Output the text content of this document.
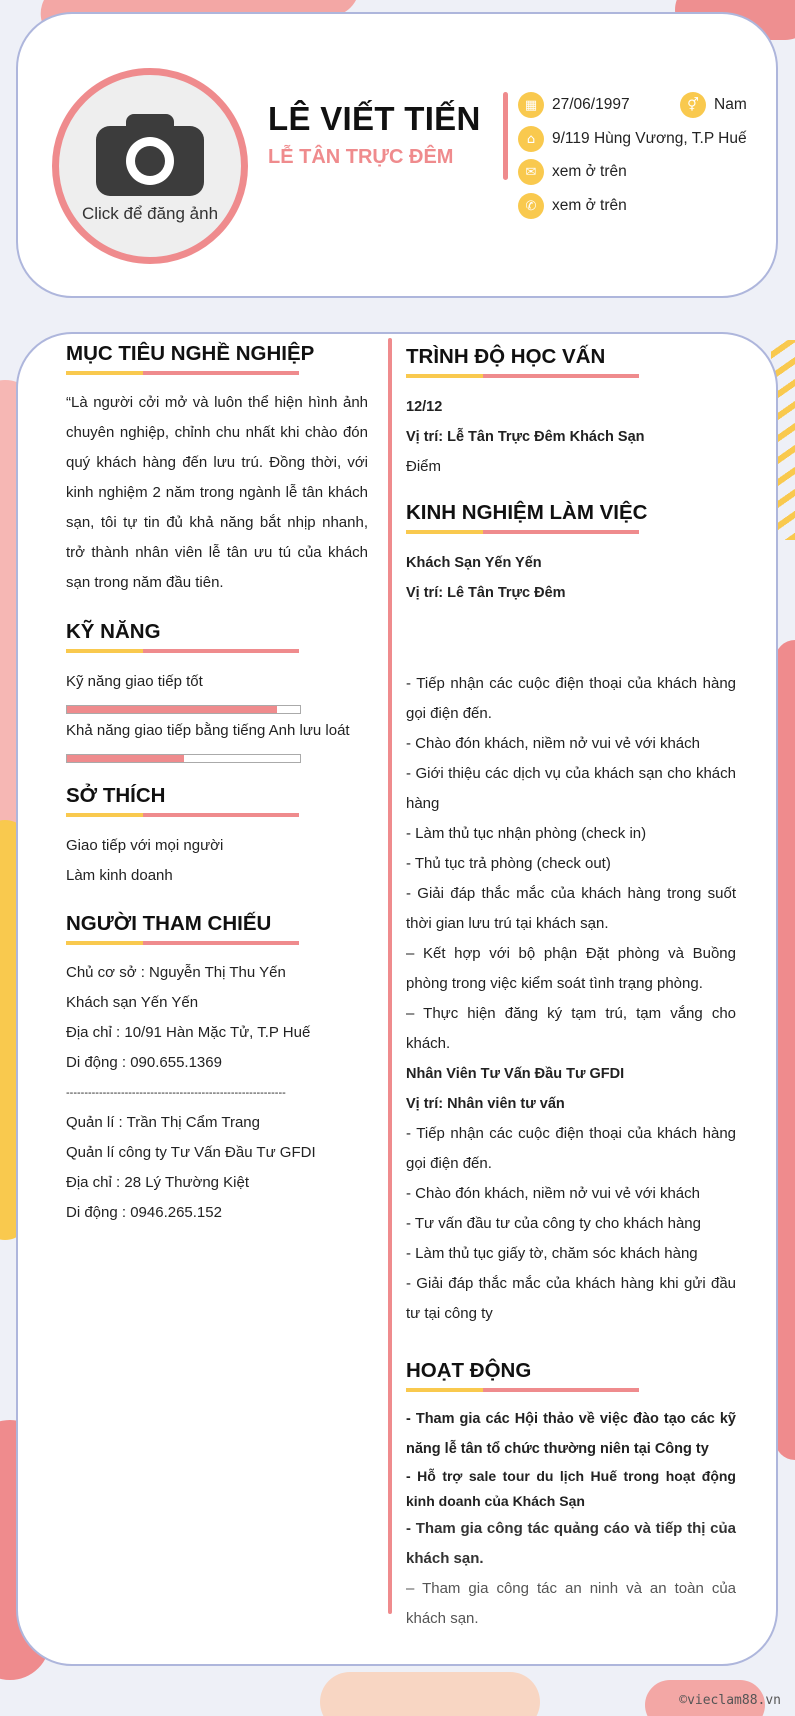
Click để đăng ảnh
LÊ VIẾT TIẾN
LỄ TÂN TRỰC ĐÊM
▦ 27/06/1997	⚥ Nam
⌂	9/119 Hùng Vương, T.P Huế
✉	xem ở trên
✆	xem ở trên
MỤC TIÊU NGHỀ NGHIỆP
“Là người cởi mở và luôn thể hiện hình ảnh chuyên nghiệp, chỉnh chu nhất khi chào đón quý khách hàng đến lưu trú. Đồng thời, với kinh nghiệm 2 năm trong ngành lễ tân khách sạn, tôi tự tin đủ khả năng bắt nhịp nhanh, trở thành nhân viên lễ tân ưu tú của khách sạn trong năm đầu tiên.
KỸ NĂNG
Kỹ năng giao tiếp tốt
Khả năng giao tiếp bằng tiếng Anh lưu loát
SỞ THÍCH
Giao tiếp với mọi người
Làm kinh doanh
NGƯỜI THAM CHIẾU
Chủ cơ sở : Nguyễn Thị Thu Yến
Khách sạn Yến Yến
Địa chỉ : 10/91 Hàn Mặc Tử, T.P Huế
Di động : 090.655.1369
------------------------------------------------------------
Quản lí : Trần Thị Cẩm Trang
Quản lí công ty Tư Vấn Đầu Tư GFDI
Địa chỉ : 28 Lý Thường Kiệt
Di động : 0946.265.152
TRÌNH ĐỘ HỌC VẤN
12/12
Vị trí: Lễ Tân Trực Đêm Khách Sạn
Điểm
KINH NGHIỆM LÀM VIỆC
Khách Sạn Yến Yến
Vị trí: Lê Tân Trực Đêm
- Tiếp nhận các cuộc điện thoại của khách hàng gọi điện đến.
- Chào đón khách, niềm nở vui vẻ với khách
- Giới thiệu các dịch vụ của khách sạn cho khách hàng
- Làm thủ tục nhận phòng (check in)
- Thủ tục trả phòng (check out)
- Giải đáp thắc mắc của khách hàng trong suốt thời gian lưu trú tại khách sạn.
– Kết hợp với bộ phận Đặt phòng và Buồng phòng trong việc kiểm soát tình trạng phòng.
– Thực hiện đăng ký tạm trú, tạm vắng cho khách.
Nhân Viên Tư Vấn Đầu Tư GFDI
Vị trí: Nhân viên tư vấn
- Tiếp nhận các cuộc điện thoại của khách hàng gọi điện đến.
- Chào đón khách, niềm nở vui vẻ với khách
- Tư vấn đầu tư của công ty cho khách hàng
- Làm thủ tục giấy tờ, chăm sóc khách hàng
- Giải đáp thắc mắc của khách hàng khi gửi đầu tư tại công ty
HOẠT ĐỘNG
- Tham gia các Hội thảo về việc đào tạo các kỹ năng lễ tân tổ chức thường niên tại Công ty
- Hỗ trợ sale tour du lịch Huế trong hoạt động kinh doanh của Khách Sạn
- Tham gia công tác quảng cáo và tiếp thị của khách sạn.
– Tham gia công tác an ninh và an toàn của khách sạn.
©vieclam88.vn
